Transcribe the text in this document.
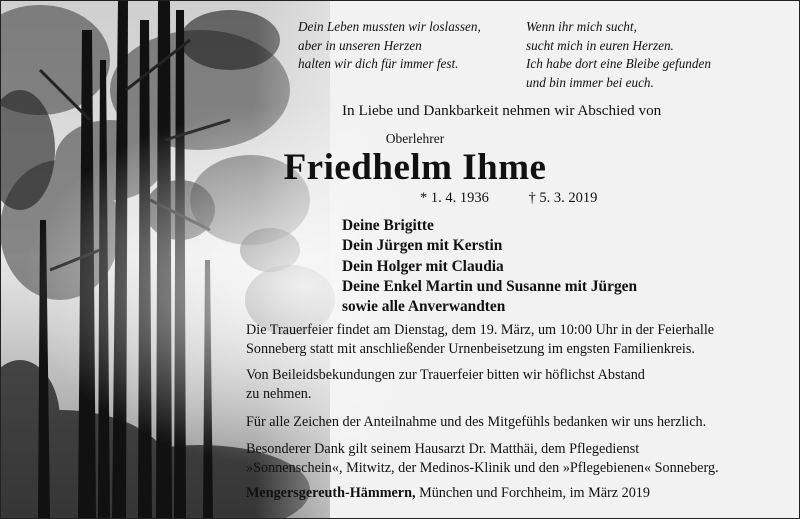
Dein Leben mussten wir loslassen,
aber in unseren Herzen
halten wir dich für immer fest.
Wenn ihr mich sucht,
sucht mich in euren Herzen.
Ich habe dort eine Bleibe gefunden
und bin immer bei euch.
In Liebe und Dankbarkeit nehmen wir Abschied von
Oberlehrer
Friedhelm Ihme
* 1. 4. 1936	† 5. 3. 2019
Deine Brigitte
Dein Jürgen mit Kerstin
Dein Holger mit Claudia
Deine Enkel Martin und Susanne mit Jürgen
sowie alle Anverwandten
Die Trauerfeier findet am Dienstag, dem 19. März, um 10:00 Uhr in der Feierhalle
Sonneberg statt mit anschließender Urnenbeisetzung im engsten Familienkreis.
Von Beileidsbekundungen zur Trauerfeier bitten wir höflichst Abstand
zu nehmen.
Für alle Zeichen der Anteilnahme und des Mitgefühls bedanken wir uns herzlich.
Besonderer Dank gilt seinem Hausarzt Dr. Matthäi, dem Pflegedienst
»Sonnenschein«, Mitwitz, der Medinos-Klinik und den »Pflegebienen« Sonneberg.
Mengersgereuth-Hämmern, München und Forchheim, im März 2019
